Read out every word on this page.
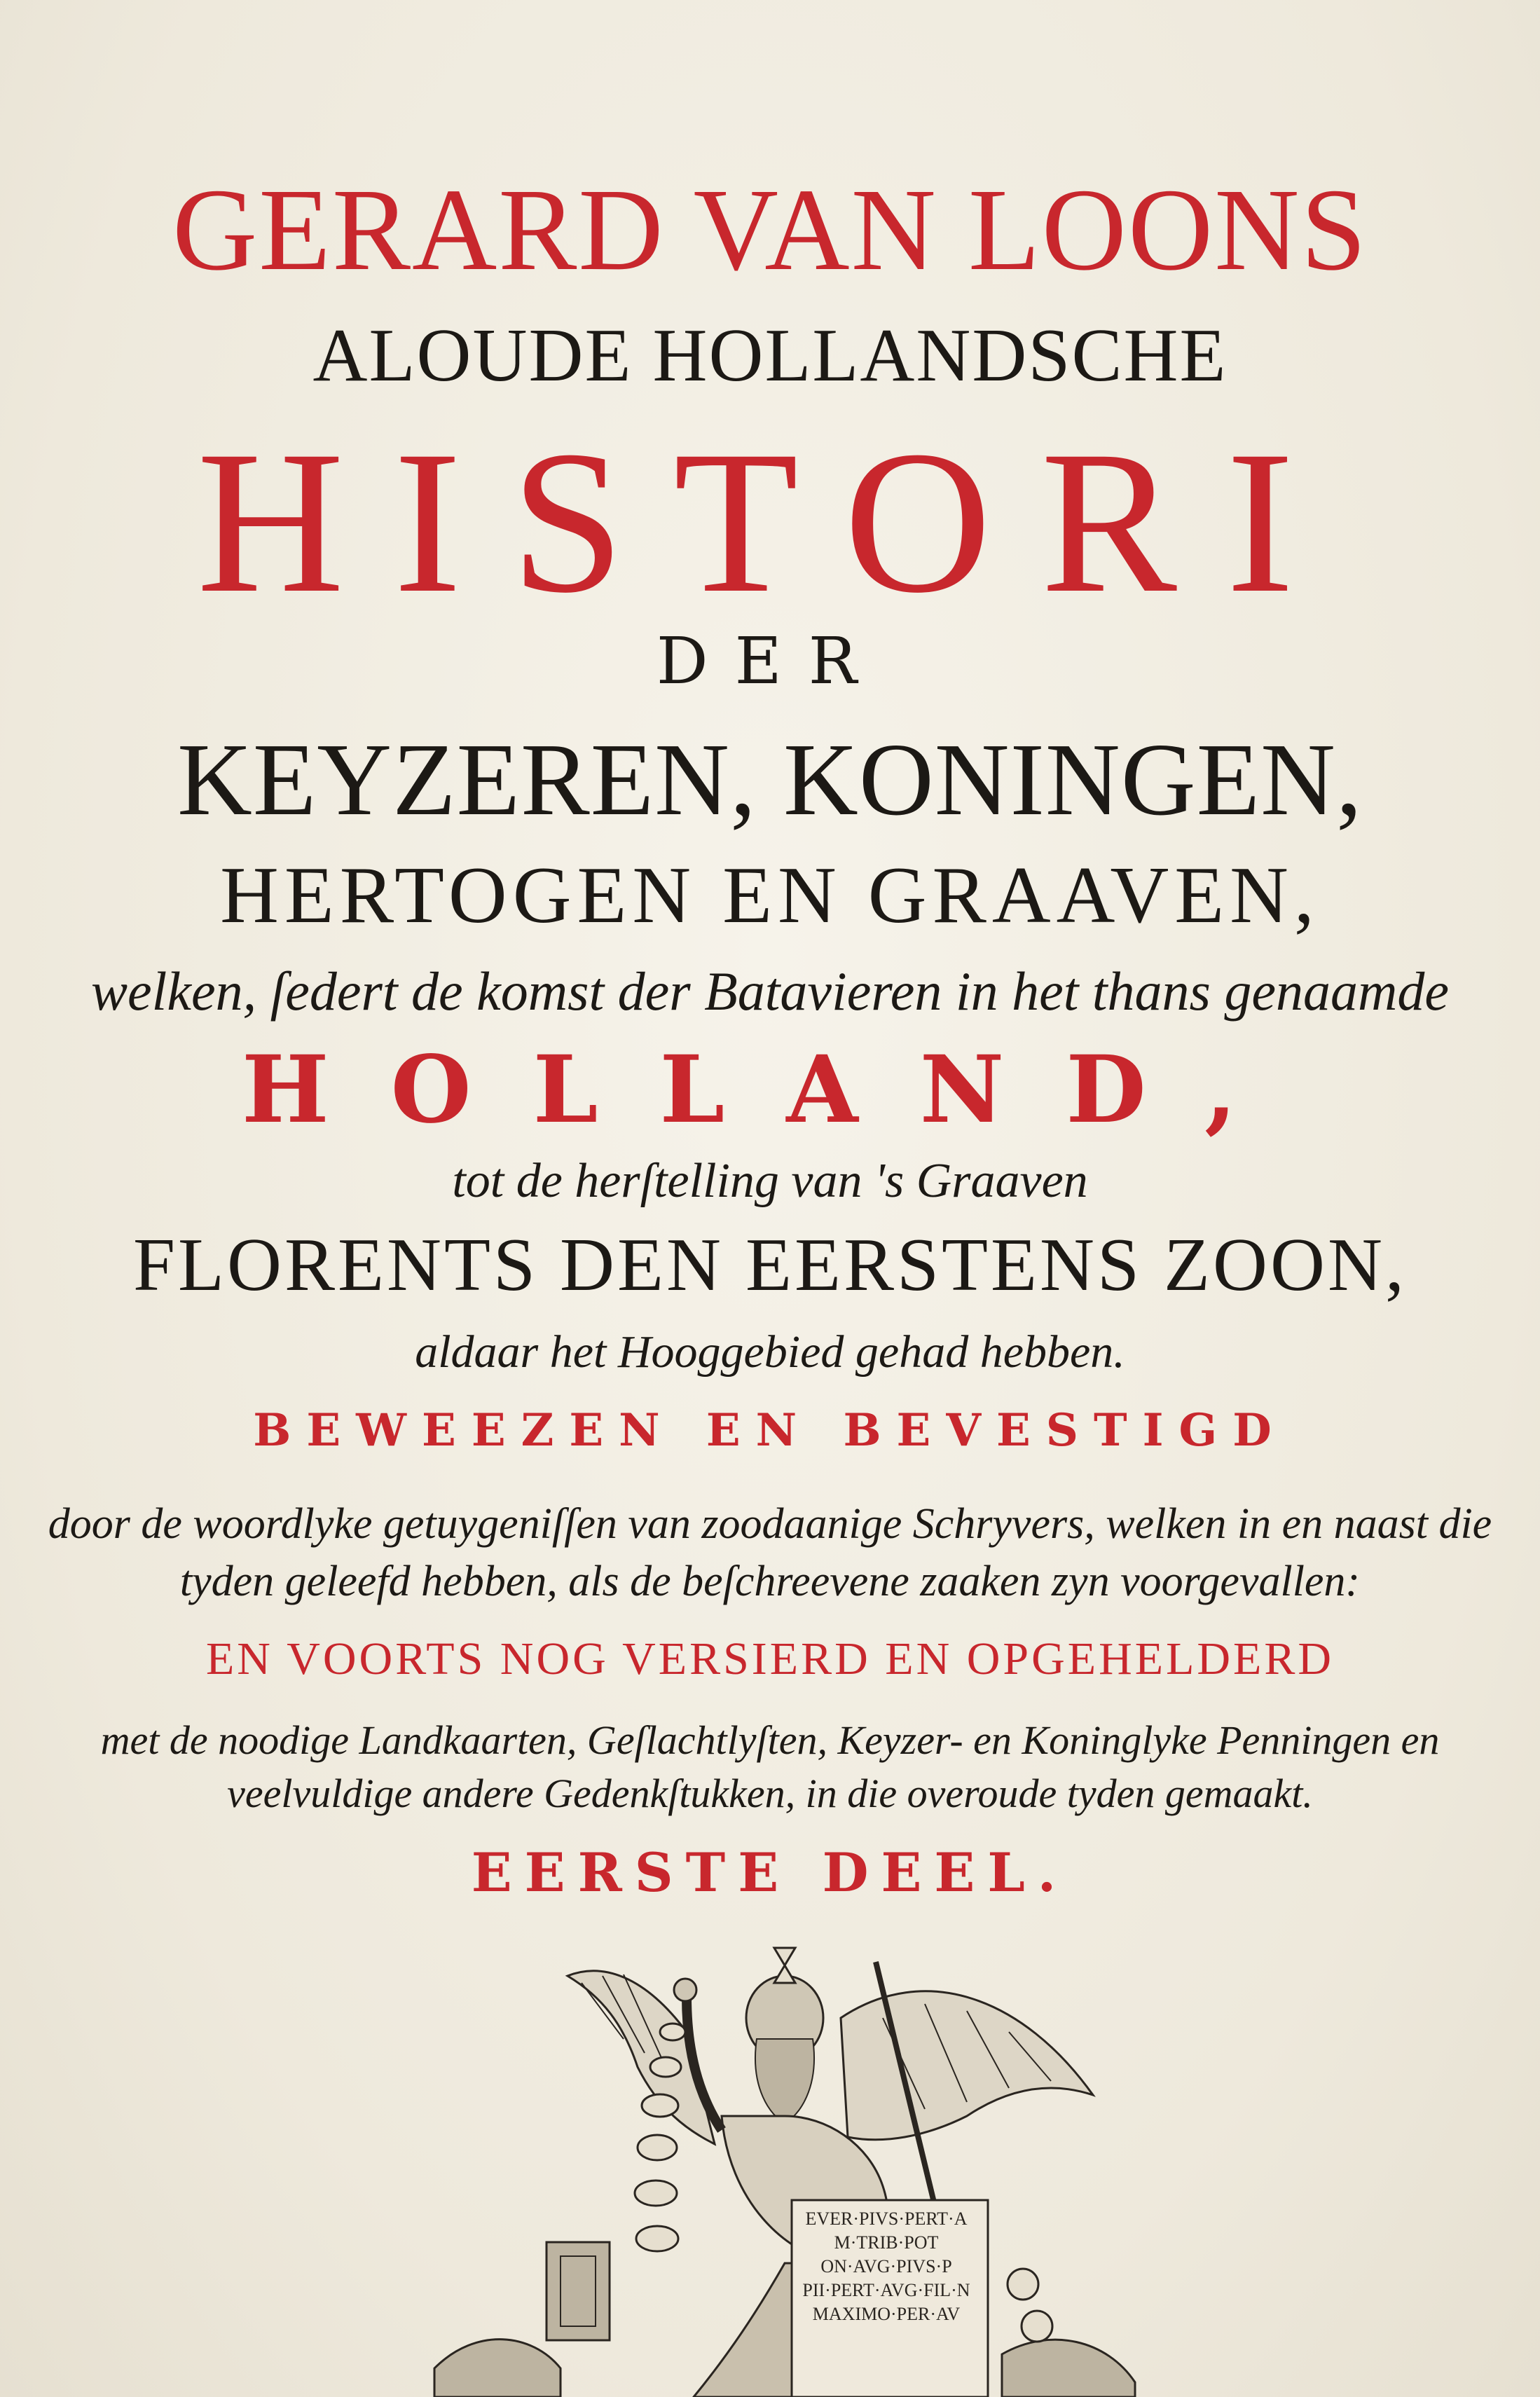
GERARD VAN LOONS

ALOUDE HOLLANDSCHE

HISTORI

DER

KEYZEREN, KONINGEN,

HERTOGEN EN GRAAVEN,

welken, ſedert de komst der Batavieren in het thans genaamde

HOLLAND,

tot de herſtelling van 's Graaven

FLORENTS DEN EERSTENS ZOON,

aldaar het Hooggebied gehad hebben.

BEWEEZEN EN BEVESTIGD

door de woordlyke getuygeniſſen van zoodaanige Schryvers, welken in en naast die

tyden geleefd hebben, als de beſchreevene zaaken zyn voorgevallen:

EN VOORTS NOG VERSIERD EN OPGEHELDERD

met de noodige Landkaarten, Geſlachtlyſten, Keyzer- en Koninglyke Penningen en

veelvuldige andere Gedenkſtukken, in die overoude tyden gemaakt.

EERSTE DEEL.

EVER·PIVS·PERT·A
M·TRIB·POT
ON·AVG·PIVS·P
PII·PERT·AVG·FIL·N
MAXIMO·PER·AV
